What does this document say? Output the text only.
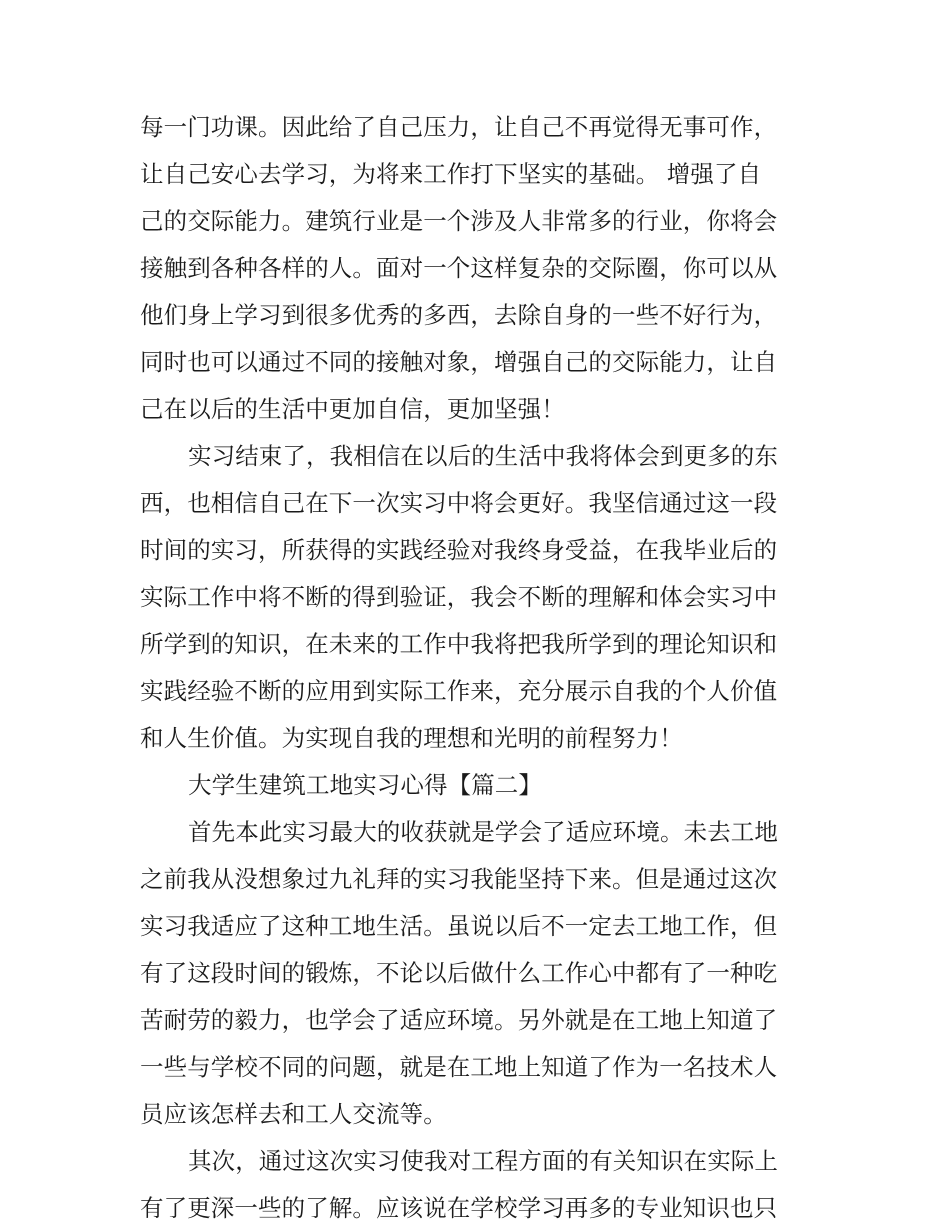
每一门功课。因此给了自己压力，让自己不再觉得无事可作，
让自己安心去学习，为将来工作打下坚实的基础。 增强了自
己的交际能力。建筑行业是一个涉及人非常多的行业，你将会
接触到各种各样的人。面对一个这样复杂的交际圈，你可以从
他们身上学习到很多优秀的多西，去除自身的一些不好行为，
同时也可以通过不同的接触对象，增强自己的交际能力，让自
己在以后的生活中更加自信，更加坚强！
实习结束了，我相信在以后的生活中我将体会到更多的东
西，也相信自己在下一次实习中将会更好。我坚信通过这一段
时间的实习，所获得的实践经验对我终身受益，在我毕业后的
实际工作中将不断的得到验证，我会不断的理解和体会实习中
所学到的知识，在未来的工作中我将把我所学到的理论知识和
实践经验不断的应用到实际工作来，充分展示自我的个人价值
和人生价值。为实现自我的理想和光明的前程努力！
大学生建筑工地实习心得【篇二】
首先本此实习最大的收获就是学会了适应环境。未去工地
之前我从没想象过九礼拜的实习我能坚持下来。但是通过这次
实习我适应了这种工地生活。虽说以后不一定去工地工作，但
有了这段时间的锻炼，不论以后做什么工作心中都有了一种吃
苦耐劳的毅力，也学会了适应环境。另外就是在工地上知道了
一些与学校不同的问题，就是在工地上知道了作为一名技术人
员应该怎样去和工人交流等。
其次，通过这次实习使我对工程方面的有关知识在实际上
有了更深一些的了解。应该说在学校学习再多的专业知识也只
